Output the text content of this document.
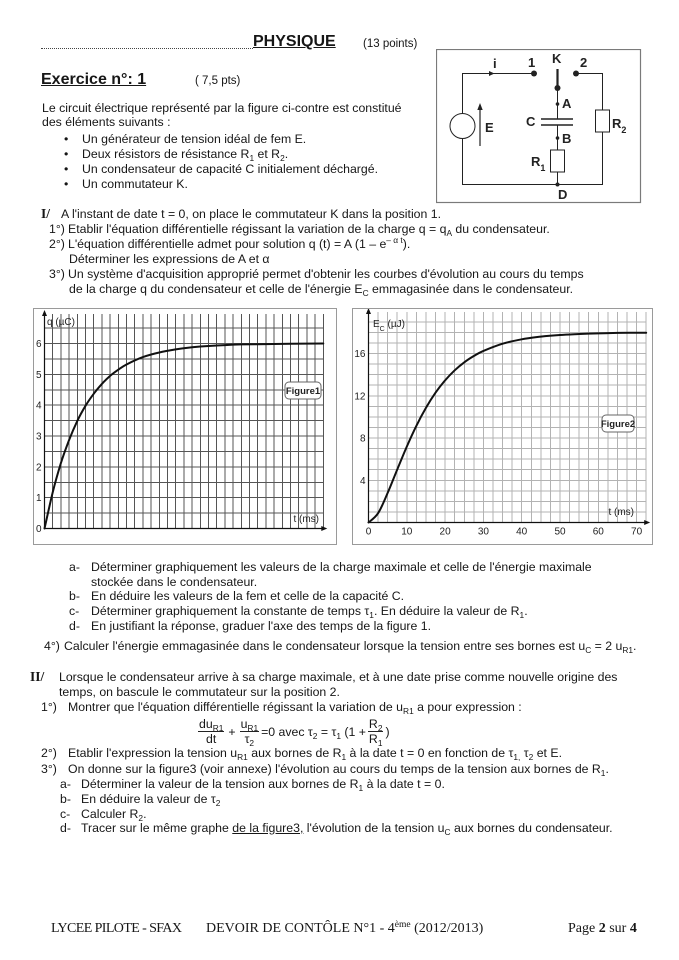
PHYSIQUE (13 points)
Exercice n°: 1	( 7,5 pts)
Le circuit électrique représenté par la figure ci-contre est constitué
des éléments suivants :
• Un générateur de tension idéal de fem E.
• Deux résistors de résistance $R_1$ et $R_2$.
• Un condensateur de capacité C initialement déchargé.
• Un commutateur K.
i 1 K 2
A
C
B
D
E
$R_1$
$R_2$
I/ A l'instant de date t = 0, on place le commutateur K dans la position 1.
1°) Etablir l'équation différentielle régissant la variation de la charge $q = q_A$ du condensateur.
2°) L'équation différentielle admet pour solution q (t) = A $(1 - e^{- \alpha t})$.
Déterminer les expressions de A et α
3°) Un système d'acquisition approprié permet d'obtenir les courbes d'évolution au cours du temps
de la charge q du condensateur et celle de l'énergie $E_C$ emmagasinée dans le condensateur.
0
1
2
3
4
5
6
q (µC)
t (ms)
Figure1
4
8
12
16
0	10	20	30	40	50	60	70
$E_C$ (µJ)
t (ms)
Figure2
a- Déterminer graphiquement les valeurs de la charge maximale et celle de l'énergie maximale
stockée dans le condensateur.
b- En déduire les valeurs de la fem et celle de la capacité C.
c- Déterminer graphiquement la constante de temps $\tau_1$. En déduire la valeur de $R_1$.
d- En justifiant la réponse, graduer l'axe des temps de la figure 1.
4°) Calculer l'énergie emmagasinée dans le condensateur lorsque la tension entre ses bornes est $u_C = 2$ $u_{R1}$.
II/ Lorsque le condensateur arrive à sa charge maximale, et à une date prise comme nouvelle origine des
temps, on bascule le commutateur sur la position 2.
1°) Montrer que l'équation différentielle régissant la variation de $u_{R1}$ a pour expression :
$\frac{du_{R1}}{dt} + \frac{u_{R1}}{\tau_2} =0$ avec $\tau_2 = \tau_1$ ($1 + \frac{R_2}{R_1}$ )
2°) Etablir l'expression la tension $u_{R1}$ aux bornes de $R_1$ à la date t = 0 en fonction de $\tau_{1,}$ $\tau_2$ et E.
3°) On donne sur la figure3 (voir annexe) l'évolution au cours du temps de la tension aux bornes de $R_1$.
a- Déterminer la valeur de la tension aux bornes de $R_1$ à la date t = 0.
b- En déduire la valeur de $\tau_2$
c- Calculer $R_2$.
d- Tracer sur le même graphe de la figure3, l'évolution de la tension $u_C$ aux bornes du condensateur.
LYCEE PILOTE - SFAX DEVOIR DE CONTÔLE N°1 - 4ème (2012/2013)	Page 2 sur 4
